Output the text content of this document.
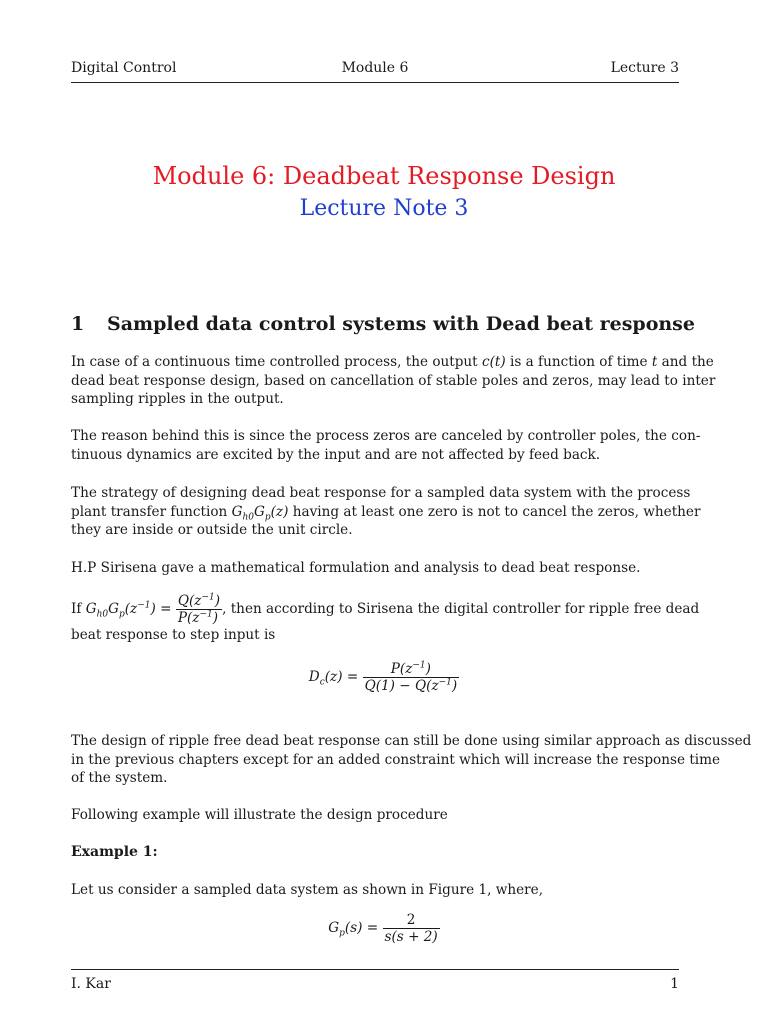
Digital Control	Module 6	Lecture 3
Module 6: Deadbeat Response Design
Lecture Note 3
1 Sampled data control systems with Dead beat response
In case of a continuous time controlled process, the output c(t) is a function of time t and the
dead beat response design, based on cancellation of stable poles and zeros, may lead to inter
sampling ripples in the output.
The reason behind this is since the process zeros are canceled by controller poles, the con-
tinuous dynamics are excited by the input and are not affected by feed back.
The strategy of designing dead beat response for a sampled data system with the process
plant transfer function $G_{h0}G_p(z)$ having at least one zero is not to cancel the zeros, whether
they are inside or outside the unit circle.
H.P Sirisena gave a mathematical formulation and analysis to dead beat response.
If $G_{h0}G_p(z^{-1}) = \frac{Q(z^{-1})}{P(z^{-1})}$ , then according to Sirisena the digital controller for ripple free dead
beat response to step input is
$D_c(z) = \frac{P(z^{-1})}{Q(1) - Q(z^{-1})}$
The design of ripple free dead beat response can still be done using similar approach as discussed
in the previous chapters except for an added constraint which will increase the response time
of the system.
Following example will illustrate the design procedure
Example 1:
Let us consider a sampled data system as shown in Figure 1, where,
$G_p(s) = \frac{2}{s(s + 2)}$
I. Kar	1
